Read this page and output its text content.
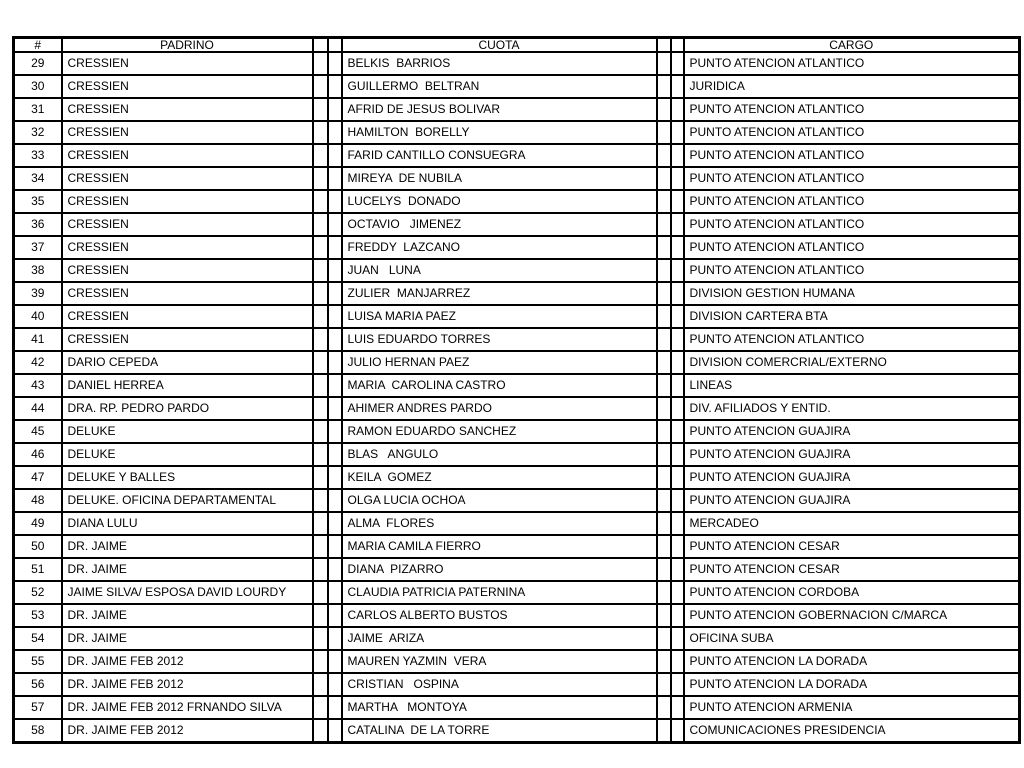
#	PADRINO			CUOTA			CARGO
29	CRESSIEN			BELKIS  BARRIOS			PUNTO ATENCION ATLANTICO
30	CRESSIEN			GUILLERMO  BELTRAN			JURIDICA
31	CRESSIEN			AFRID DE JESUS BOLIVAR			PUNTO ATENCION ATLANTICO
32	CRESSIEN			HAMILTON  BORELLY			PUNTO ATENCION ATLANTICO
33	CRESSIEN			FARID CANTILLO CONSUEGRA			PUNTO ATENCION ATLANTICO
34	CRESSIEN			MIREYA  DE NUBILA			PUNTO ATENCION ATLANTICO
35	CRESSIEN			LUCELYS  DONADO			PUNTO ATENCION ATLANTICO
36	CRESSIEN			OCTAVIO   JIMENEZ			PUNTO ATENCION ATLANTICO
37	CRESSIEN			FREDDY  LAZCANO			PUNTO ATENCION ATLANTICO
38	CRESSIEN			JUAN   LUNA			PUNTO ATENCION ATLANTICO
39	CRESSIEN			ZULIER  MANJARREZ			DIVISION GESTION HUMANA
40	CRESSIEN			LUISA MARIA PAEZ			DIVISION CARTERA BTA
41	CRESSIEN			LUIS EDUARDO TORRES			PUNTO ATENCION ATLANTICO
42	DARIO CEPEDA			JULIO HERNAN PAEZ			DIVISION COMERCRIAL/EXTERNO
43	DANIEL HERREA			MARIA  CAROLINA CASTRO			LINEAS
44	DRA. RP. PEDRO PARDO			AHIMER ANDRES PARDO			DIV. AFILIADOS Y ENTID.
45	DELUKE			RAMON EDUARDO SANCHEZ			PUNTO ATENCION GUAJIRA
46	DELUKE			BLAS   ANGULO			PUNTO ATENCION GUAJIRA
47	DELUKE Y BALLES			KEILA  GOMEZ			PUNTO ATENCION GUAJIRA
48	DELUKE. OFICINA DEPARTAMENTAL			OLGA LUCIA OCHOA			PUNTO ATENCION GUAJIRA
49	DIANA LULU			ALMA  FLORES			MERCADEO
50	DR. JAIME			MARIA CAMILA FIERRO			PUNTO ATENCION CESAR
51	DR. JAIME			DIANA  PIZARRO			PUNTO ATENCION CESAR
52	JAIME SILVA/ ESPOSA DAVID LOURDY			CLAUDIA PATRICIA PATERNINA			PUNTO ATENCION CORDOBA
53	DR. JAIME			CARLOS ALBERTO BUSTOS			PUNTO ATENCION GOBERNACION C/MARCA
54	DR. JAIME			JAIME  ARIZA			OFICINA SUBA
55	DR. JAIME FEB 2012			MAUREN YAZMIN  VERA			PUNTO ATENCION LA DORADA
56	DR. JAIME FEB 2012			CRISTIAN   OSPINA			PUNTO ATENCION LA DORADA
57	DR. JAIME FEB 2012 FRNANDO SILVA			MARTHA   MONTOYA			PUNTO ATENCION ARMENIA
58	DR. JAIME FEB 2012			CATALINA  DE LA TORRE			COMUNICACIONES PRESIDENCIA
